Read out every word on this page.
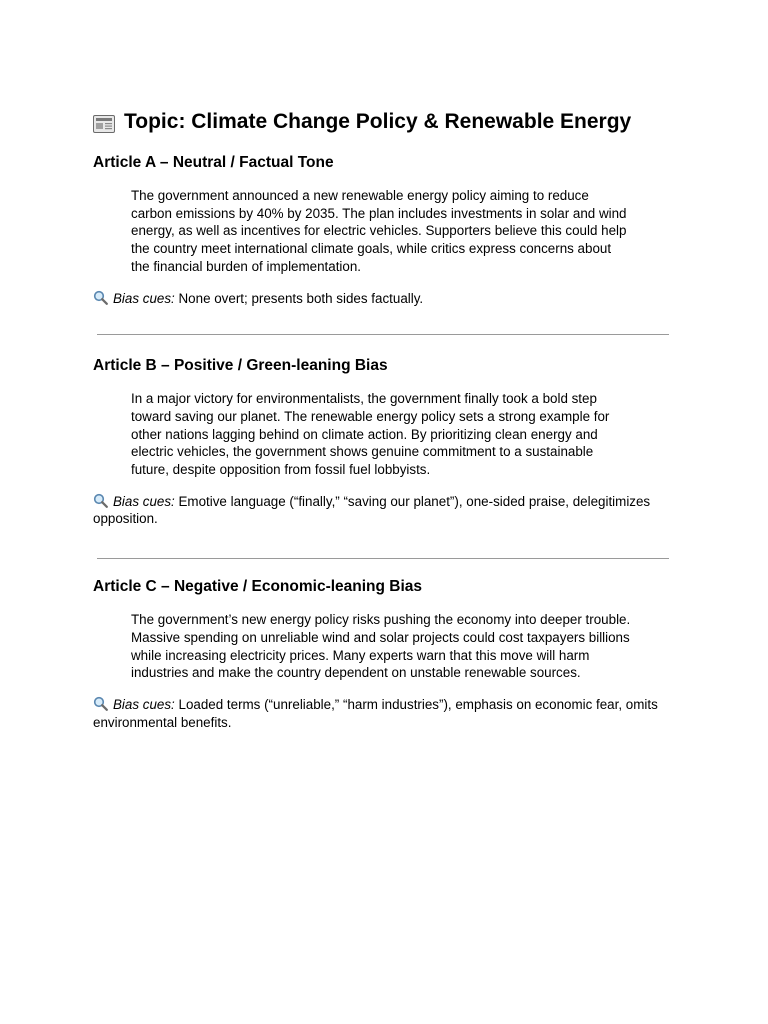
Topic: Climate Change Policy & Renewable Energy
Article A – Neutral / Factual Tone

The government announced a new renewable energy policy aiming to reduce carbon emissions by 40% by 2035. The plan includes investments in solar and wind energy, as well as incentives for electric vehicles. Supporters believe this could help the country meet international climate goals, while critics express concerns about the financial burden of implementation.

Bias cues: None overt; presents both sides factually.

Article B – Positive / Green-leaning Bias

In a major victory for environmentalists, the government finally took a bold step toward saving our planet. The renewable energy policy sets a strong example for other nations lagging behind on climate action. By prioritizing clean energy and electric vehicles, the government shows genuine commitment to a sustainable future, despite opposition from fossil fuel lobbyists.

Bias cues: Emotive language (“finally,” “saving our planet”), one-sided praise, delegitimizes opposition.

Article C – Negative / Economic-leaning Bias

The government’s new energy policy risks pushing the economy into deeper trouble. Massive spending on unreliable wind and solar projects could cost taxpayers billions while increasing electricity prices. Many experts warn that this move will harm industries and make the country dependent on unstable renewable sources.

Bias cues: Loaded terms (“unreliable,” “harm industries”), emphasis on economic fear, omits environmental benefits.
